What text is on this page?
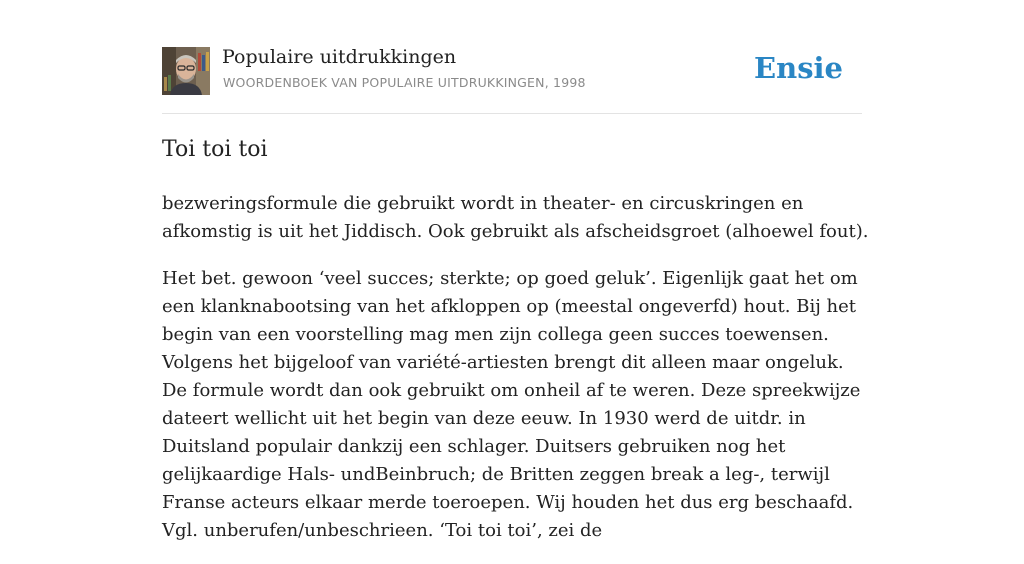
Populaire uitdrukkingen
WOORDENBOEK VAN POPULAIRE UITDRUKKINGEN, 1998	Ensie
Toi toi toi

bezweringsformule die gebruikt wordt in theater- en circuskringen en afkomstig is uit het Jiddisch. Ook gebruikt als afscheidsgroet (alhoewel fout).

Het bet. gewoon ‘veel succes; sterkte; op goed geluk’. Eigenlijk gaat het om een klanknabootsing van het afkloppen op (meestal ongeverfd) hout. Bij het begin van een voorstelling mag men zijn collega geen succes toewensen. Volgens het bijgeloof van variété-artiesten brengt dit alleen maar ongeluk. De formule wordt dan ook gebruikt om onheil af te weren. Deze spreekwijze dateert wellicht uit het begin van deze eeuw. In 1930 werd de uitdr. in Duitsland populair dankzij een schlager. Duitsers gebruiken nog het gelijkaardige Hals- undBeinbruch; de Britten zeggen break a leg-, terwijl Franse acteurs elkaar merde toeroepen. Wij houden het dus erg beschaafd. Vgl. unberufen/unbeschrieen. ‘Toi toi toi’, zei de
